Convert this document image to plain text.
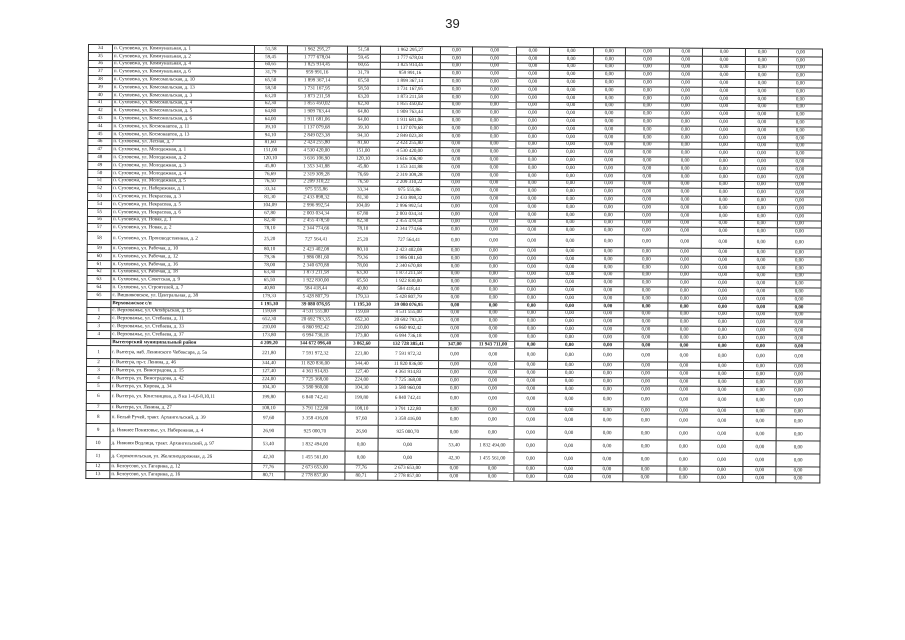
39
34	п. Суховежа, ул. Коммунальная, д. 1	51,58	1 962 295,27	51,58	1 962 295,27	0,00	0,00	0,00	0,00	0,00	0,00	0,00	0,00	0,00	0,00
35	п. Суховежа, ул. Коммунальная, д. 2	59,45	1 777 678,04	59,45	1 777 678,04	0,00	0,00	0,00	0,00	0,00	0,00	0,00	0,00	0,00	0,00
36	п. Суховежа, ул. Коммунальная, д. 4	60,65	1 825 914,45	60,65	1 825 914,45	0,00	0,00	0,00	0,00	0,00	0,00	0,00	0,00	0,00	0,00
37	п. Суховежа, ул. Коммунальная, д. 6	31,79	959 991,16	31,79	959 991,16	0,00	0,00	0,00	0,00	0,00	0,00	0,00	0,00	0,00	0,00
38	п. Суховежа, ул. Комсомольская, д. 10	65,50	1 899 367,14	65,50	1 899 367,14	0,00	0,00	0,00	0,00	0,00	0,00	0,00	0,00	0,00	0,00
39	п. Суховежа, ул. Комсомольская, д. 13	58,50	1 731 167,95	58,50	1 731 167,95	0,00	0,00	0,00	0,00	0,00	0,00	0,00	0,00	0,00	0,00
40	п. Суховежа, ул. Комсомольская, д. 3	63,20	1 873 211,58	63,20	1 873 211,58	0,00	0,00	0,00	0,00	0,00	0,00	0,00	0,00	0,00	0,00
41	п. Суховежа, ул. Комсомольская, д. 4	62,30	1 855 450,02	62,30	1 855 450,02	0,00	0,00	0,00	0,00	0,00	0,00	0,00	0,00	0,00	0,00
42	п. Суховежа, ул. Комсомольская, д. 5	64,80	1 909 763,44	64,80	1 909 763,44	0,00	0,00	0,00	0,00	0,00	0,00	0,00	0,00	0,00	0,00
43	п. Суховежа, ул. Комсомольская, д. 6	64,00	1 911 681,06	64,00	1 911 681,06	0,00	0,00	0,00	0,00	0,00	0,00	0,00	0,00	0,00	0,00
44	п. Суховежа, ул. Космонавтов, д. 11	39,10	1 137 079,68	39,10	1 137 079,68	0,00	0,00	0,00	0,00	0,00	0,00	0,00	0,00	0,00	0,00
45	п. Суховежа, ул. Космонавтов, д. 13	94,10	2 849 023,38	94,10	2 849 023,38	0,00	0,00	0,00	0,00	0,00	0,00	0,00	0,00	0,00	0,00
46	п. Суховежа, ул. Лесная, д. 7	81,60	2 424 255,80	81,60	2 424 255,80	0,00	0,00	0,00	0,00	0,00	0,00	0,00	0,00	0,00	0,00
47	п. Суховежа, ул. Молодежная, д. 1	151,00	4 530 420,00	151,00	4 530 420,00	0,00	0,00	0,00	0,00	0,00	0,00	0,00	0,00	0,00	0,00
48	п. Суховежа, ул. Молодежная, д. 2	120,10	3 616 106,90	120,10	3 616 106,90	0,00	0,00	0,00	0,00	0,00	0,00	0,00	0,00	0,00	0,00
49	п. Суховежа, ул. Молодежная, д. 3	45,80	1 353 341,88	45,80	1 353 341,88	0,00	0,00	0,00	0,00	0,00	0,00	0,00	0,00	0,00	0,00
50	п. Суховежа, ул. Молодежная, д. 4	76,69	2 319 309,28	76,69	2 319 309,28	0,00	0,00	0,00	0,00	0,00	0,00	0,00	0,00	0,00	0,00
51	п. Суховежа, ул. Молодежная, д. 5	76,50	2 209 310,22	76,50	2 209 310,22	0,00	0,00	0,00	0,00	0,00	0,00	0,00	0,00	0,00	0,00
52	п. Суховежа, ул. Набережная, д. 1	33,34	975 555,86	33,34	975 555,86	0,00	0,00	0,00	0,00	0,00	0,00	0,00	0,00	0,00	0,00
53	п. Суховежа, ул. Некрасова, д. 3	81,30	2 433 898,32	81,30	2 433 898,32	0,00	0,00	0,00	0,00	0,00	0,00	0,00	0,00	0,00	0,00
54	п. Суховежа, ул. Некрасова, д. 5	104,09	2 996 992,54	104,09	2 996 992,54	0,00	0,00	0,00	0,00	0,00	0,00	0,00	0,00	0,00	0,00
55	п. Суховежа, ул. Некрасова, д. 6	67,80	2 003 034,34	67,80	2 003 034,34	0,00	0,00	0,00	0,00	0,00	0,00	0,00	0,00	0,00	0,00
56	п. Суховежа, ул. Новая, д. 1	82,30	2 455 478,50	82,30	2 455 478,50	0,00	0,00	0,00	0,00	0,00	0,00	0,00	0,00	0,00	0,00
57	п. Суховежа, ул. Новая, д. 2	78,10	2 344 774,66	78,10	2 344 774,66	0,00	0,00	0,00	0,00	0,00	0,00	0,00	0,00	0,00	0,00
58	п. Суховежа, ул. Производственная, д. 2	25,20	727 564,41	25,20	727 564,41	0,00	0,00	0,00	0,00	0,00	0,00	0,00	0,00	0,00	0,00
59	п. Суховежа, ул. Рабочая, д. 10	80,10	2 423 402,08	80,10	2 423 402,08	0,00	0,00	0,00	0,00	0,00	0,00	0,00	0,00	0,00	0,00
60	п. Суховежа, ул. Рабочая, д. 12	79,36	1 986 081,60	79,36	1 986 081,60	0,00	0,00	0,00	0,00	0,00	0,00	0,00	0,00	0,00	0,00
61	п. Суховежа, ул. Рабочая, д. 16	78,00	2 340 670,88	78,00	2 340 670,88	0,00	0,00	0,00	0,00	0,00	0,00	0,00	0,00	0,00	0,00
62	п. Суховежа, ул. Рабочая, д. 18	63,30	1 873 211,58	63,30	1 873 211,58	0,00	0,00	0,00	0,00	0,00	0,00	0,00	0,00	0,00	0,00
63	п. Суховежа, ул. Советская, д. 9	65,50	1 922 830,00	65,50	1 922 830,00	0,00	0,00	0,00	0,00	0,00	0,00	0,00	0,00	0,00	0,00
64	п. Суховежа, ул. Строителей, д. 7	40,80	584 418,44	40,80	584 418,44	0,00	0,00	0,00	0,00	0,00	0,00	0,00	0,00	0,00	0,00
65	с. Вишняковское, ул. Центральная, д. 38	179,33	5 428 807,79	179,33	5 428 807,79	0,00	0,00	0,00	0,00	0,00	0,00	0,00	0,00	0,00	0,00
	Верховажское с/п	1 195,30	39 080 076,95	1 195,30	39 080 076,95	0,00	0,00	0,00	0,00	0,00	0,00	0,00	0,00	0,00	0,00
1	с. Верховажье, ул. Октябрьская, д. 15	159,69	4 531 555,00	159,69	4 531 555,00	0,00	0,00	0,00	0,00	0,00	0,00	0,00	0,00	0,00	0,00
2	с. Верховажье, ул. Стебаева, д. 11	652,30	20 692 793,35	652,30	20 692 793,35	0,00	0,00	0,00	0,00	0,00	0,00	0,00	0,00	0,00	0,00
3	с. Верховажье, ул. Стебаева, д. 33	210,00	6 860 992,42	210,00	6 860 992,42	0,00	0,00	0,00	0,00	0,00	0,00	0,00	0,00	0,00	0,00
4	с. Верховажье, ул. Стебаева, д. 37	173,80	6 994 736,18	173,80	6 994 736,18	0,00	0,00	0,00	0,00	0,00	0,00	0,00	0,00	0,00	0,00
	Вытегорский муниципальный район	4 209,20	144 672 096,40	3 862,60	132 728 385,41	347,00	11 943 711,00	0,00	0,00	0,00	0,00	0,00	0,00	0,00	0,00
1	г. Вытегра, наб. Ленинского Чебоксара, д. 5а	221,80	7 591 972,32	221,80	7 591 972,32	0,00	0,00	0,00	0,00	0,00	0,00	0,00	0,00	0,00	0,00
2	г. Вытегра, пр-т. Ленина, д. 46	344,40	11 820 836,00	344,40	11 820 836,00	0,00	0,00	0,00	0,00	0,00	0,00	0,00	0,00	0,00	0,00
3	г. Вытегра, ул. Виноградова, д. 15	127,40	4 361 914,83	127,40	4 361 914,83	0,00	0,00	0,00	0,00	0,00	0,00	0,00	0,00	0,00	0,00
4	г. Вытегра, ул. Виноградова, д. 42	224,00	7 725 368,00	224,00	7 725 368,00	0,00	0,00	0,00	0,00	0,00	0,00	0,00	0,00	0,00	0,00
5	г. Вытегра, ул. Кирова, д. 34	104,30	3 580 960,00	104,30	3 580 960,00	0,00	0,00	0,00	0,00	0,00	0,00	0,00	0,00	0,00	0,00
6	г. Вытегра, ул. Констанцова, д. 8 кв 1-4,6-8,10,11	199,80	6 840 742,41	199,80	6 840 742,41	0,00	0,00	0,00	0,00	0,00	0,00	0,00	0,00	0,00	0,00
7	г. Вытегра, ул. Ленина, д. 27	108,10	3 791 122,80	108,10	3 791 122,80	0,00	0,00	0,00	0,00	0,00	0,00	0,00	0,00	0,00	0,00
8	п. Белый Ручей, тракт. Архангельский, д. 39	97,60	3 358 416,00	97,60	3 358 416,00	0,00	0,00	0,00	0,00	0,00	0,00	0,00	0,00	0,00	0,00
9	д. Нижнее Понизовье, ул. Набережная, д. 4	26,90	925 000,70	26,90	925 000,70	0,00	0,00	0,00	0,00	0,00	0,00	0,00	0,00	0,00	0,00
10	д. Нижняя Водлица, тракт. Архангельский, д. 97	53,40	1 832 494,00	0,00	0,00	53,40	1 832 494,00	0,00	0,00	0,00	0,00	0,00	0,00	0,00	0,00
11	д. Сорокопольская, ул. Железнодорожная, д. 26	42,30	1 455 561,00	0,00	0,00	42,30	1 455 561,00	0,00	0,00	0,00	0,00	0,00	0,00	0,00	0,00
12	п. Белоусово, ул. Гагарина, д. 12	77,76	2 673 653,00	77,76	2 673 653,00	0,00	0,00	0,00	0,00	0,00	0,00	0,00	0,00	0,00	0,00
13	п. Белоусово, ул. Гагарина, д. 16	80,71	2 778 857,00	80,71	2 778 857,00	0,00	0,00	0,00	0,00	0,00	0,00	0,00	0,00	0,00	0,00
